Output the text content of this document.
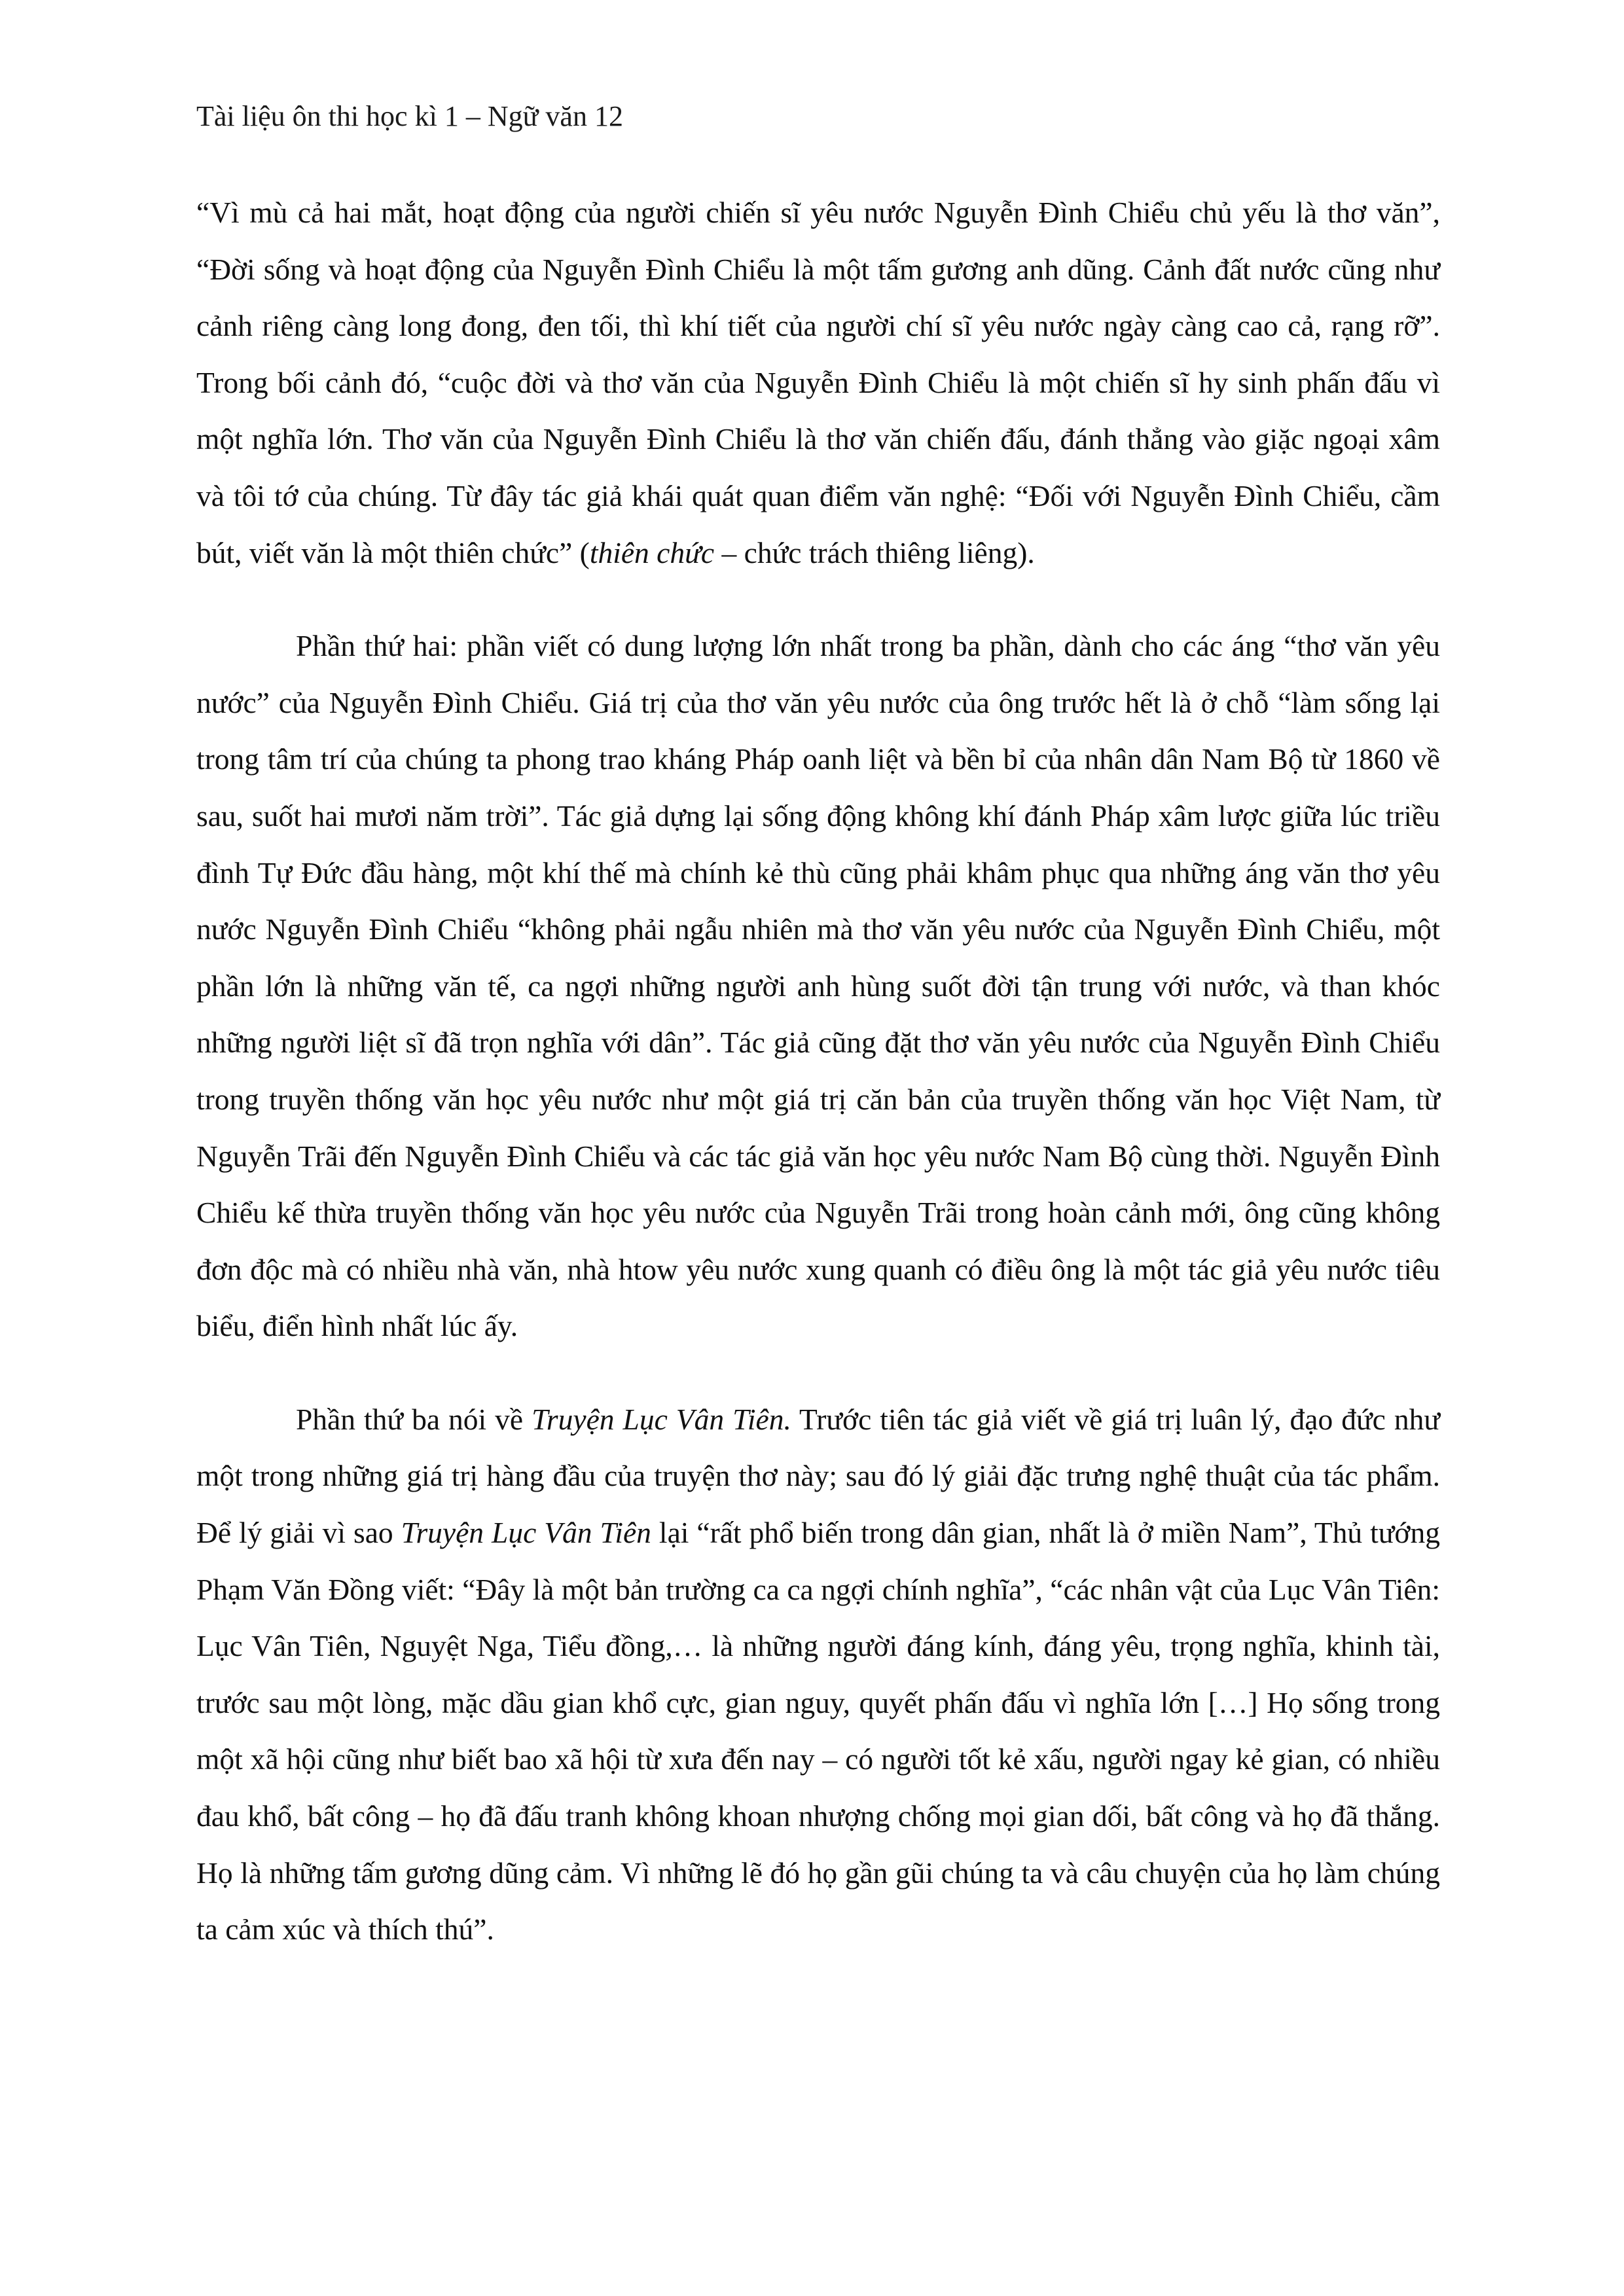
Tài liệu ôn thi học kì 1 – Ngữ văn 12

“Vì mù cả hai mắt, hoạt động của người chiến sĩ yêu nước Nguyễn Đình Chiểu chủ yếu là thơ văn”, “Đời sống và hoạt động của Nguyễn Đình Chiểu là một tấm gương anh dũng. Cảnh đất nước cũng như cảnh riêng càng long đong, đen tối, thì khí tiết của người chí sĩ yêu nước ngày càng cao cả, rạng rỡ”. Trong bối cảnh đó, “cuộc đời và thơ văn của Nguyễn Đình Chiểu là một chiến sĩ hy sinh phấn đấu vì một nghĩa lớn. Thơ văn của Nguyễn Đình Chiểu là thơ văn chiến đấu, đánh thẳng vào giặc ngoại xâm và tôi tớ của chúng. Từ đây tác giả khái quát quan điểm văn nghệ: “Đối với Nguyễn Đình Chiểu, cầm bút, viết văn là một thiên chức” (thiên chức – chức trách thiêng liêng).

Phần thứ hai: phần viết có dung lượng lớn nhất trong ba phần, dành cho các áng “thơ văn yêu nước” của Nguyễn Đình Chiểu. Giá trị của thơ văn yêu nước của ông trước hết là ở chỗ “làm sống lại trong tâm trí của chúng ta phong trao kháng Pháp oanh liệt và bền bỉ của nhân dân Nam Bộ từ 1860 về sau, suốt hai mươi năm trời”. Tác giả dựng lại sống động không khí đánh Pháp xâm lược giữa lúc triều đình Tự Đức đầu hàng, một khí thế mà chính kẻ thù cũng phải khâm phục qua những áng văn thơ yêu nước Nguyễn Đình Chiểu “không phải ngẫu nhiên mà thơ văn yêu nước của Nguyễn Đình Chiểu, một phần lớn là những văn tế, ca ngợi những người anh hùng suốt đời tận trung với nước, và than khóc những người liệt sĩ đã trọn nghĩa với dân”. Tác giả cũng đặt thơ văn yêu nước của Nguyễn Đình Chiểu trong truyền thống văn học yêu nước như một giá trị căn bản của truyền thống văn học Việt Nam, từ Nguyễn Trãi đến Nguyễn Đình Chiểu và các tác giả văn học yêu nước Nam Bộ cùng thời. Nguyễn Đình Chiểu kế thừa truyền thống văn học yêu nước của Nguyễn Trãi trong hoàn cảnh mới, ông cũng không đơn độc mà có nhiều nhà văn, nhà htow yêu nước xung quanh có điều ông là một tác giả yêu nước tiêu biểu, điển hình nhất lúc ấy.

Phần thứ ba nói về Truyện Lục Vân Tiên. Trước tiên tác giả viết về giá trị luân lý, đạo đức như một trong những giá trị hàng đầu của truyện thơ này; sau đó lý giải đặc trưng nghệ thuật của tác phẩm. Để lý giải vì sao Truyện Lục Vân Tiên lại “rất phổ biến trong dân gian, nhất là ở miền Nam”, Thủ tướng Phạm Văn Đồng viết: “Đây là một bản trường ca ca ngợi chính nghĩa”, “các nhân vật của Lục Vân Tiên: Lục Vân Tiên, Nguyệt Nga, Tiểu đồng,… là những người đáng kính, đáng yêu, trọng nghĩa, khinh tài, trước sau một lòng, mặc dầu gian khổ cực, gian nguy, quyết phấn đấu vì nghĩa lớn […] Họ sống trong một xã hội cũng như biết bao xã hội từ xưa đến nay – có người tốt kẻ xấu, người ngay kẻ gian, có nhiều đau khổ, bất công – họ đã đấu tranh không khoan nhượng chống mọi gian dối, bất công và họ đã thắng. Họ là những tấm gương dũng cảm. Vì những lẽ đó họ gần gũi chúng ta và câu chuyện của họ làm chúng ta cảm xúc và thích thú”.
